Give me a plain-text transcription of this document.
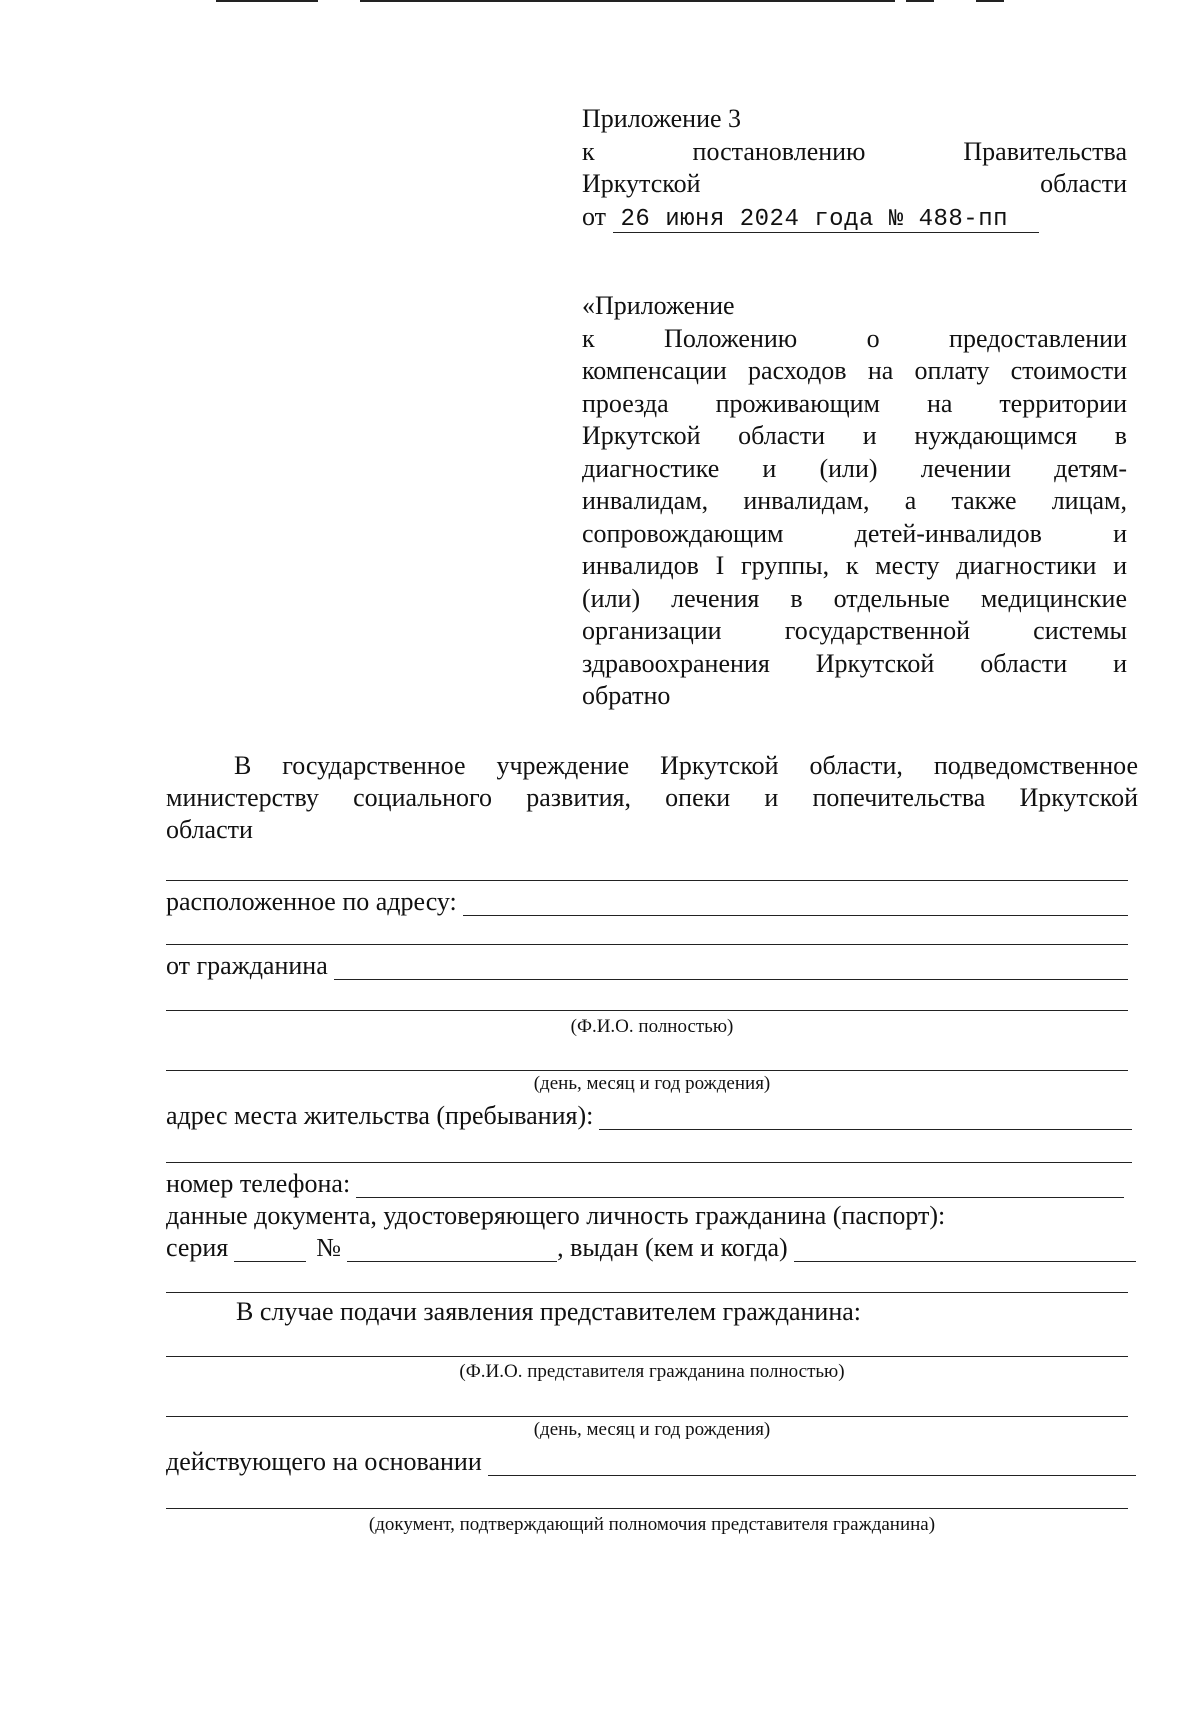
Приложение 3
к	постановлению	Правительства
Иркутской	области
от 26 июня 2024 года № 488-пп
«Приложение
к Положению о предоставлении
компенсации расходов на оплату стоимости
проезда проживающим на территории
Иркутской области и нуждающимся в
диагностике и (или) лечении детям-
инвалидам, инвалидам, а также лицам,
сопровождающим детей-инвалидов и
инвалидов I группы, к месту диагностики и
(или) лечения в отдельные медицинские
организации государственной системы
здравоохранения Иркутской области и
обратно
В государственное учреждение Иркутской области, подведомственное
министерству социального развития, опеки и попечительства Иркутской
области
расположенное по адресу:
от гражданина
(Ф.И.О. полностью)
(день, месяц и год рождения)
адрес места жительства (пребывания):
номер телефона:
данные документа, удостоверяющего личность гражданина (паспорт):
серия	№	, выдан (кем и когда)
В случае подачи заявления представителем гражданина:
(Ф.И.О. представителя гражданина полностью)
(день, месяц и год рождения)
действующего на основании
(документ, подтверждающий полномочия представителя гражданина)
